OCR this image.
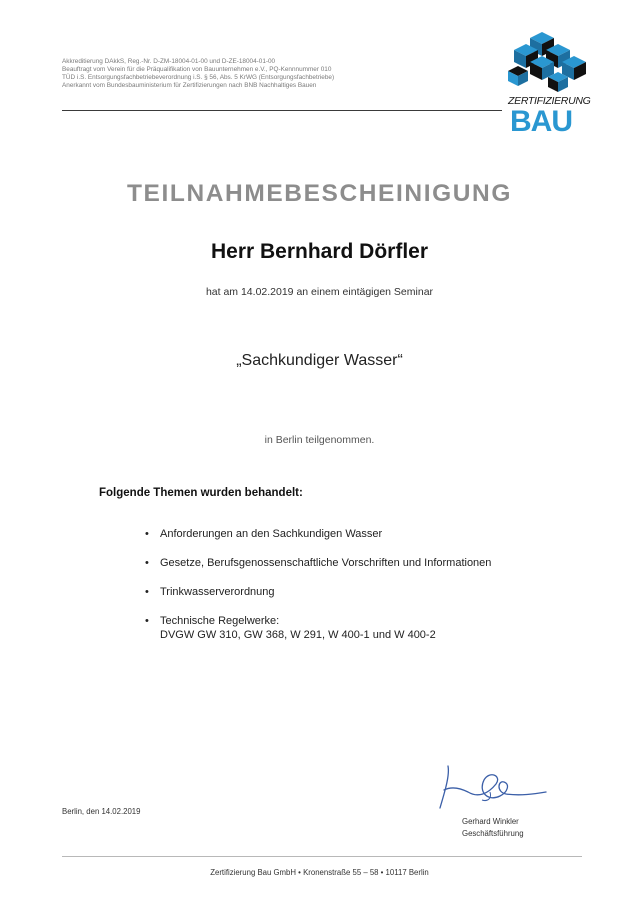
Akkreditierung DAkkS, Reg.-Nr. D-ZM-18004-01-00 und D-ZE-18004-01-00
Beauftragt vom Verein für die Präqualifikation von Bauunternehmen e.V., PQ-Kennnummer 010
TÜD i.S. Entsorgungsfachbetriebeverordnung i.S. § 56, Abs. 5 KrWG (Entsorgungsfachbetriebe)
Anerkannt vom Bundesbauministerium für Zertifizierungen nach BNB Nachhaltiges Bauen
ZERTIFIZIERUNG
BAU
TEILNAHMEBESCHEINIGUNG
Herr Bernhard Dörfler
hat am 14.02.2019 an einem eintägigen Seminar
„Sachkundiger Wasser“
in Berlin teilgenommen.
Folgende Themen wurden behandelt:
• Anforderungen an den Sachkundigen Wasser
• Gesetze, Berufsgenossenschaftliche Vorschriften und Informationen
• Trinkwasserverordnung
• Technische Regelwerke:
DVGW GW 310, GW 368, W 291, W 400-1 und W 400-2
Berlin, den 14.02.2019
Gerhard Winkler
Geschäftsführung
Zertifizierung Bau GmbH • Kronenstraße 55 – 58 • 10117 Berlin
